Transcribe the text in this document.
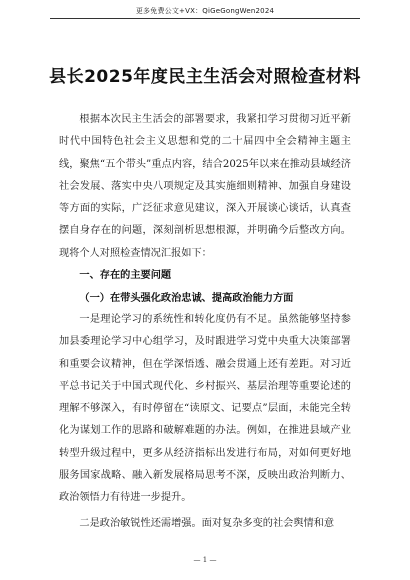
更多免费公文+VX：QiGeGongWen2024
县长2025年度民主生活会对照检查材料
根据本次民主生活会的部署要求，我紧扣学习贯彻习近平新时代中国特色社会主义思想和党的二十届四中全会精神主题主线，聚焦“五个带头”重点内容，结合2025年以来在推动县域经济社会发展、落实中央八项规定及其实施细则精神、加强自身建设等方面的实际，广泛征求意见建议，深入开展谈心谈话，认真查摆自身存在的问题，深刻剖析思想根源，并明确今后整改方向。现将个人对照检查情况汇报如下：
一、存在的主要问题
（一）在带头强化政治忠诚、提高政治能力方面
一是理论学习的系统性和转化度仍有不足。虽然能够坚持参加县委理论学习中心组学习，及时跟进学习党中央重大决策部署和重要会议精神，但在学深悟透、融会贯通上还有差距。对习近平总书记关于中国式现代化、乡村振兴、基层治理等重要论述的理解不够深入，有时停留在“读原文、记要点”层面，未能完全转化为谋划工作的思路和破解难题的办法。例如，在推进县域产业转型升级过程中，更多从经济指标出发进行布局，对如何更好地服务国家战略、融入新发展格局思考不深，反映出政治判断力、政治领悟力有待进一步提升。
二是政治敏锐性还需增强。面对复杂多变的社会舆情和意
— 1 —
